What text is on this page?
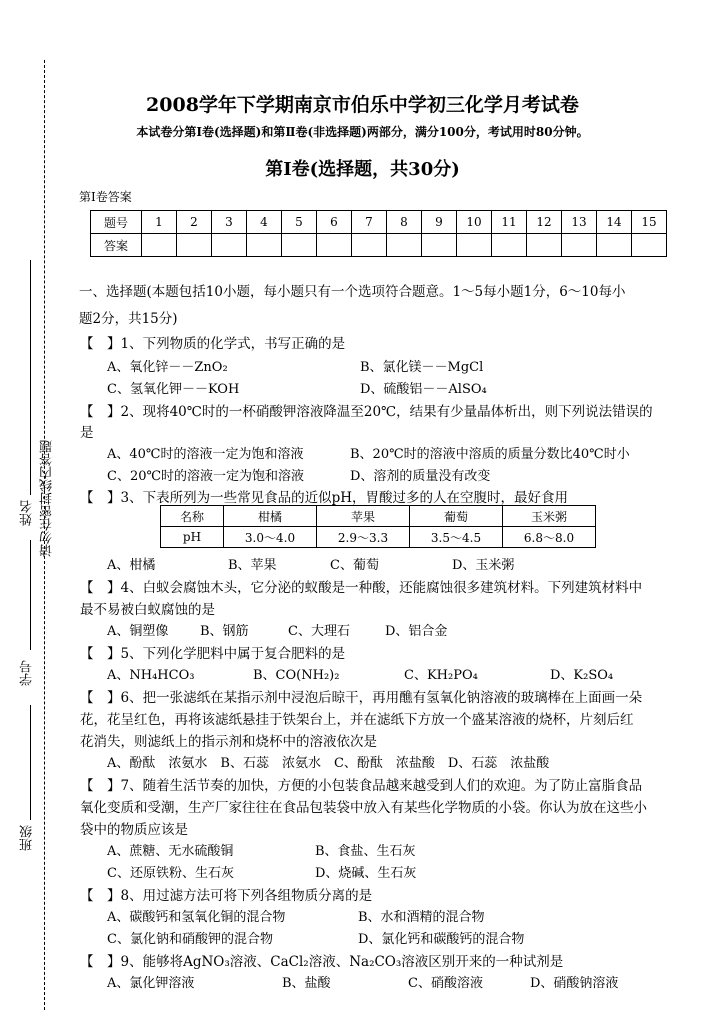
请勿在密封线内答题
姓名
学号
班级
2008学年下学期南京市伯乐中学初三化学月考试卷
本试卷分第Ⅰ卷(选择题)和第Ⅱ卷(非选择题)两部分，满分100分，考试用时80分钟。
第Ⅰ卷(选择题，共30分)
第Ⅰ卷答案
题号	1	2	3	4	5	6	7	8	9	10	11	12	13	14	15
答案															
一、选择题(本题包括10小题，每小题只有一个选项符合题意。1～5每小题1分，6～10每小
题2分，共15分)
【　】1、下列物质的化学式，书写正确的是
A、氧化锌－－ZnO₂	B、氯化镁－－MgCl
C、氢氧化钾－－KOH	D、硫酸铝－－AlSO₄
【　】2、现将40℃时的一杯硝酸钾溶液降温至20℃，结果有少量晶体析出，则下列说法错误的
是
A、40℃时的溶液一定为饱和溶液	B、20℃时的溶液中溶质的质量分数比40℃时小
C、20℃时的溶液一定为饱和溶液	D、溶剂的质量没有改变
【　】3、下表所列为一些常见食品的近似pH，胃酸过多的人在空腹时，最好食用
名称	柑橘	苹果	葡萄	玉米粥
pH	3.0～4.0	2.9～3.3	3.5～4.5	6.8～8.0
A、柑橘	B、苹果	C、葡萄	D、玉米粥
【　】4、白蚁会腐蚀木头，它分泌的蚁酸是一种酸，还能腐蚀很多建筑材料。下列建筑材料中
最不易被白蚁腐蚀的是
A、铜塑像 B、钢筋	C、大理石	D、铝合金
【　】5、下列化学肥料中属于复合肥料的是
A、NH₄HCO₃	B、CO(NH₂)₂	C、KH₂PO₄	D、K₂SO₄
【　】6、把一张滤纸在某指示剂中浸泡后晾干，再用醮有氢氧化钠溶液的玻璃棒在上面画一朵
花，花呈红色，再将该滤纸悬挂于铁架台上，并在滤纸下方放一个盛某溶液的烧杯，片刻后红
花消失，则滤纸上的指示剂和烧杯中的溶液依次是
A、酚酞　浓氨水　B、石蕊　浓氨水　C、酚酞　浓盐酸　D、石蕊　浓盐酸
【　】7、随着生活节奏的加快，方便的小包装食品越来越受到人们的欢迎。为了防止富脂食品
氧化变质和受潮，生产厂家往往在食品包装袋中放入有某些化学物质的小袋。你认为放在这些小
袋中的物质应该是
A、蔗糖、无水硫酸铜	B、食盐、生石灰
C、还原铁粉、生石灰	D、烧碱、生石灰
【　】8、用过滤方法可将下列各组物质分离的是
A、碳酸钙和氢氧化铜的混合物	B、水和酒精的混合物
C、氯化钠和硝酸钾的混合物	D、氯化钙和碳酸钙的混合物
【　】9、能够将AgNO₃溶液、CaCl₂溶液、Na₂CO₃溶液区别开来的一种试剂是
A、氯化钾溶液	B、盐酸	C、硝酸溶液	D、硝酸钠溶液
